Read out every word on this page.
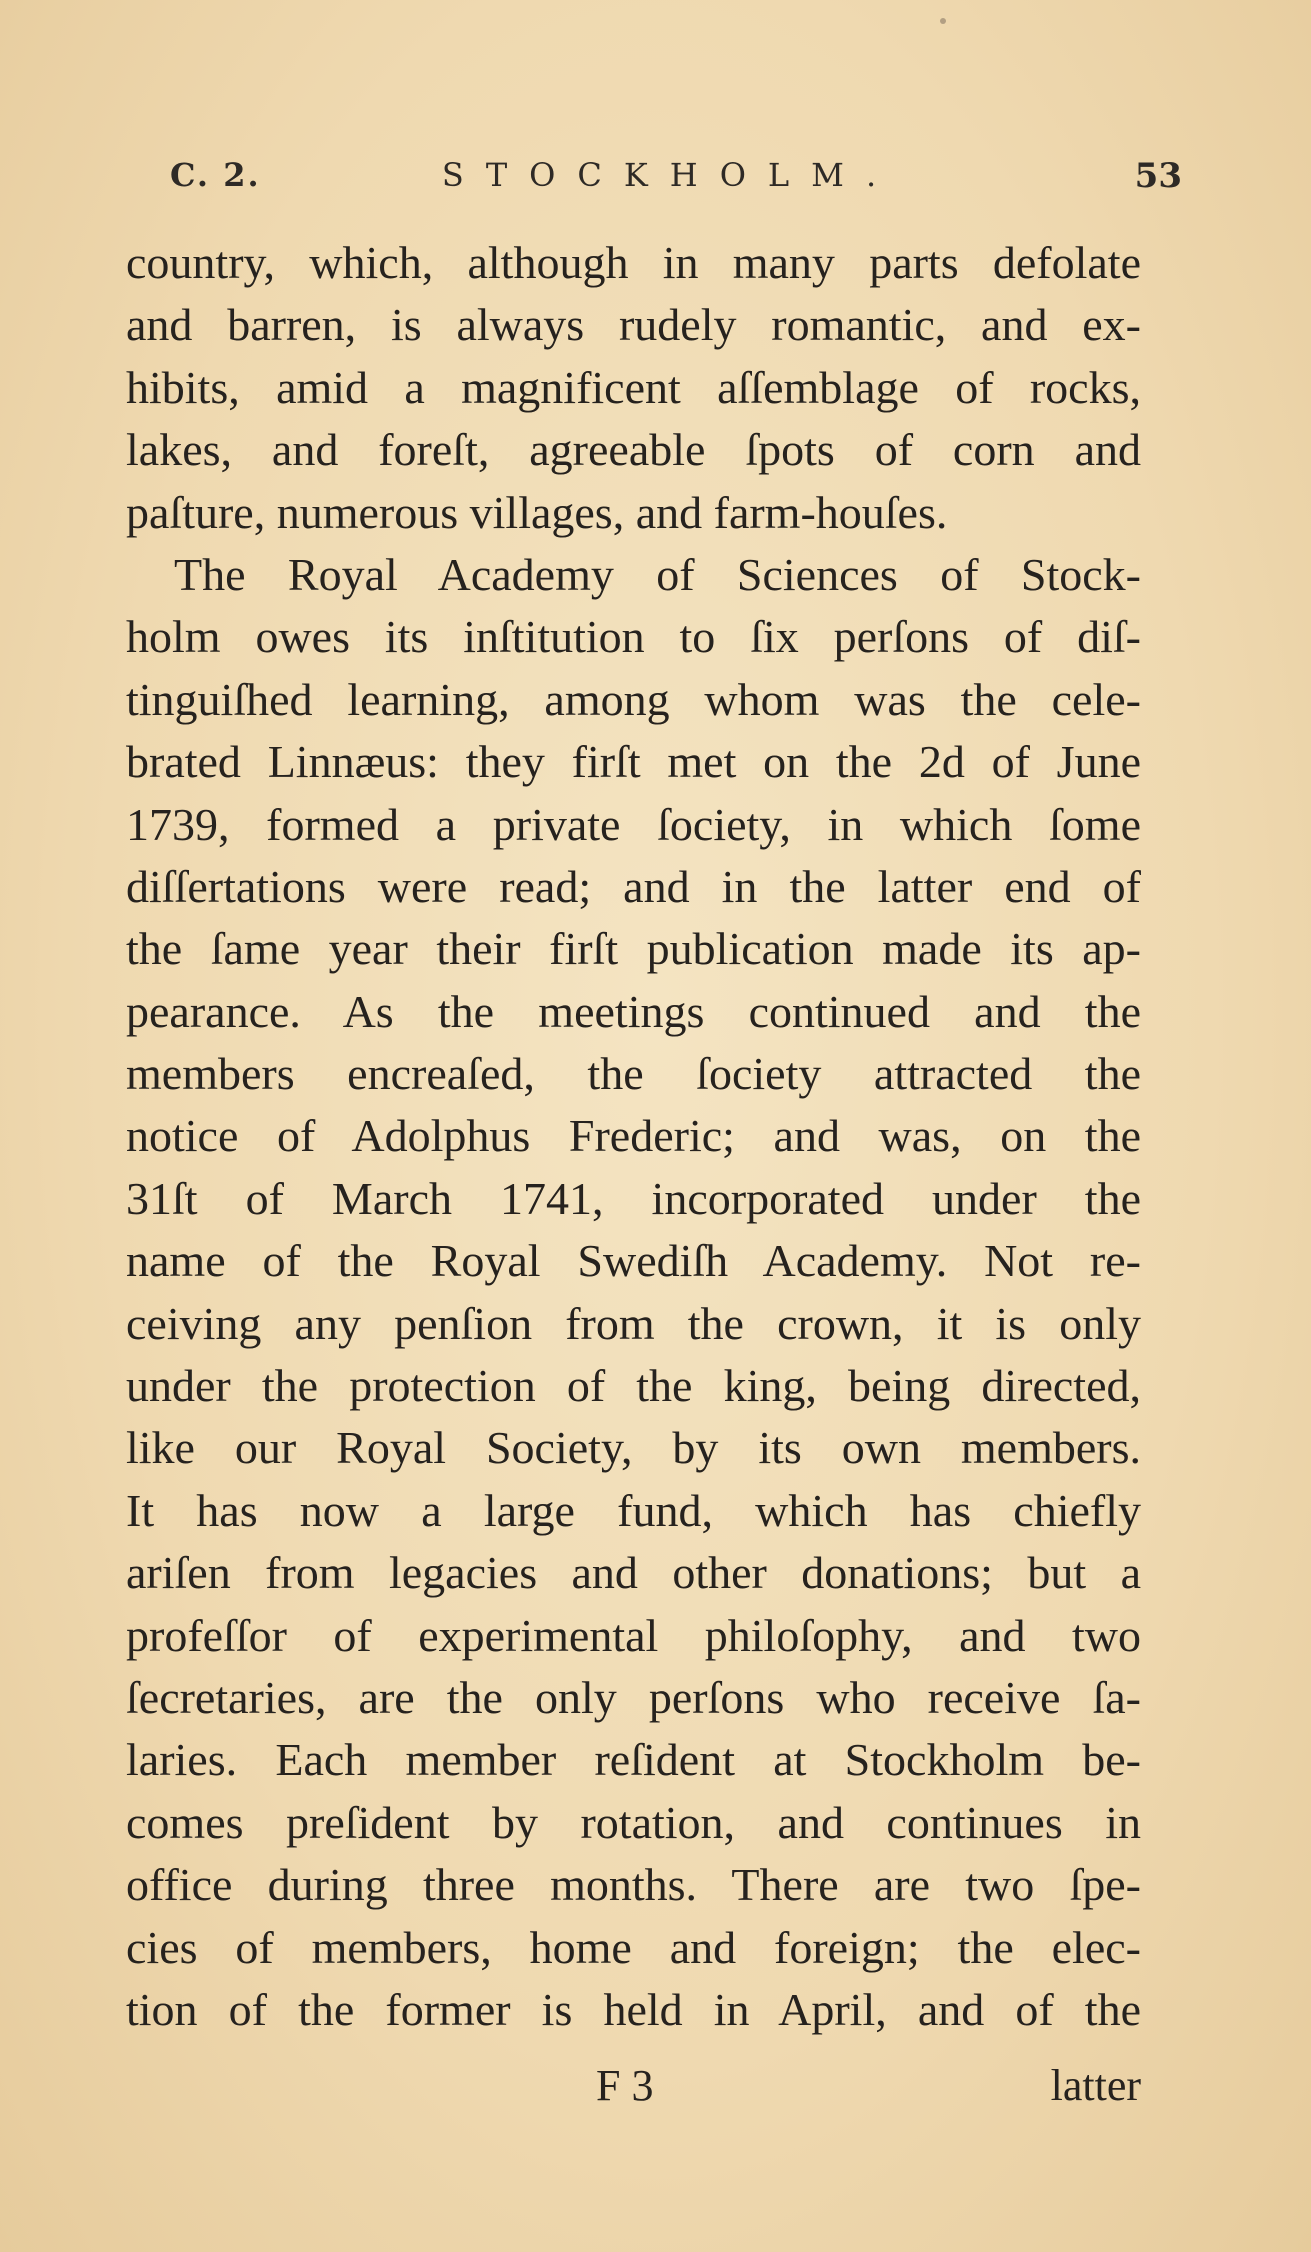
C. 2.	STOCKHOLM.	53
country, which, although in many parts defolate
and barren, is always rudely romantic, and ex-
hibits, amid a magnificent aſſemblage of rocks,
lakes, and foreſt, agreeable ſpots of corn and
paſture, numerous villages, and farm-houſes.
The Royal Academy of Sciences of Stock-
holm owes its inſtitution to ſix perſons of diſ-
tinguiſhed learning, among whom was the cele-
brated Linnæus: they firſt met on the 2d of June
1739, formed a private ſociety, in which ſome
diſſertations were read; and in the latter end of
the ſame year their firſt publication made its ap-
pearance. As the meetings continued and the
members encreaſed, the ſociety attracted the
notice of Adolphus Frederic; and was, on the
31ſt of March 1741, incorporated under the
name of the Royal Swediſh Academy. Not re-
ceiving any penſion from the crown, it is only
under the protection of the king, being directed,
like our Royal Society, by its own members.
It has now a large fund, which has chiefly
ariſen from legacies and other donations; but a
profeſſor of experimental philoſophy, and two
ſecretaries, are the only perſons who receive ſa-
laries. Each member reſident at Stockholm be-
comes preſident by rotation, and continues in
office during three months. There are two ſpe-
cies of members, home and foreign; the elec-
tion of the former is held in April, and of the
F 3	latter
